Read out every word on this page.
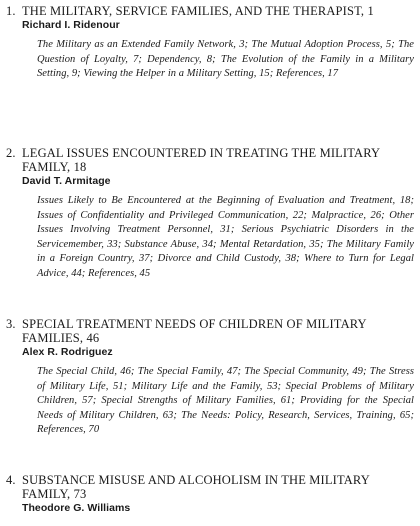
1. THE MILITARY, SERVICE FAMILIES, AND THE THERAPIST, 1
Richard I. Ridenour
The Military as an Extended Family Network, 3; The Mutual Adoption Process, 5; The Question of Loyalty, 7; Dependency, 8; The Evolution of the Family in a Military Setting, 9; Viewing the Helper in a Military Setting, 15; References, 17
2. LEGAL ISSUES ENCOUNTERED IN TREATING THE MILITARY FAMILY, 18
David T. Armitage
Issues Likely to Be Encountered at the Beginning of Evaluation and Treatment, 18; Issues of Confidentiality and Privileged Communication, 22; Malpractice, 26; Other Issues Involving Treatment Personnel, 31; Serious Psychiatric Disorders in the Servicemember, 33; Substance Abuse, 34; Mental Retardation, 35; The Military Family in a Foreign Country, 37; Divorce and Child Custody, 38; Where to Turn for Legal Advice, 44; References, 45
3. SPECIAL TREATMENT NEEDS OF CHILDREN OF MILITARY FAMILIES, 46
Alex R. Rodriguez
The Special Child, 46; The Special Family, 47; The Special Community, 49; The Stress of Military Life, 51; Military Life and the Family, 53; Special Problems of Military Children, 57; Special Strengths of Military Families, 61; Providing for the Special Needs of Military Children, 63; The Needs: Policy, Research, Services, Training, 65; References, 70
4. SUBSTANCE MISUSE AND ALCOHOLISM IN THE MILITARY FAMILY, 73
Theodore G. Williams
